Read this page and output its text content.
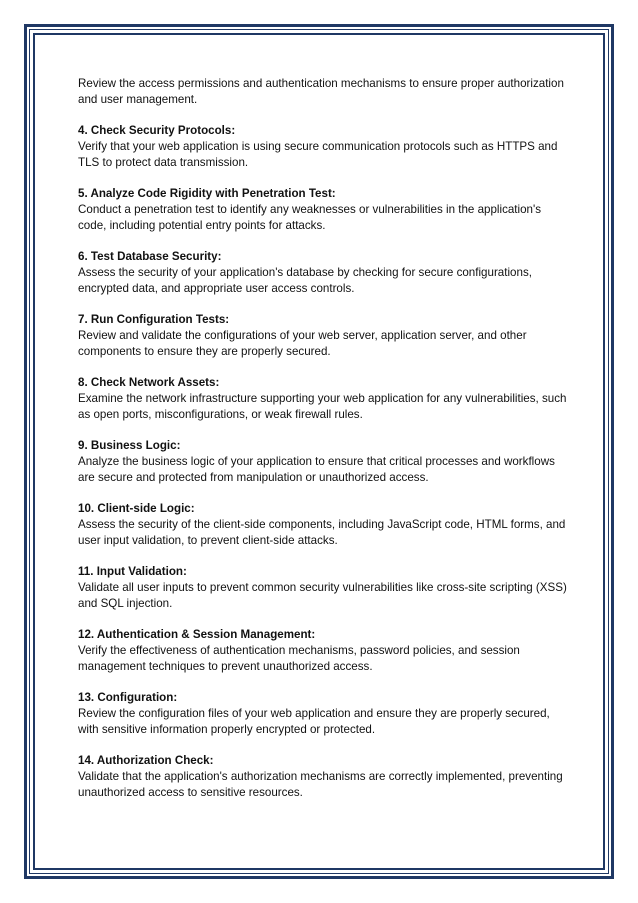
Review the access permissions and authentication mechanisms to ensure proper authorization and user management.

4. Check Security Protocols:

Verify that your web application is using secure communication protocols such as HTTPS and TLS to protect data transmission.

5. Analyze Code Rigidity with Penetration Test:

Conduct a penetration test to identify any weaknesses or vulnerabilities in the application's code, including potential entry points for attacks.

6. Test Database Security:

Assess the security of your application's database by checking for secure configurations, encrypted data, and appropriate user access controls.

7. Run Configuration Tests:

Review and validate the configurations of your web server, application server, and other components to ensure they are properly secured.

8. Check Network Assets:

Examine the network infrastructure supporting your web application for any vulnerabilities, such as open ports, misconfigurations, or weak firewall rules.

9. Business Logic:

Analyze the business logic of your application to ensure that critical processes and workflows are secure and protected from manipulation or unauthorized access.

10. Client-side Logic:

Assess the security of the client-side components, including JavaScript code, HTML forms, and user input validation, to prevent client-side attacks.

11. Input Validation:

Validate all user inputs to prevent common security vulnerabilities like cross-site scripting (XSS) and SQL injection.

12. Authentication & Session Management:

Verify the effectiveness of authentication mechanisms, password policies, and session management techniques to prevent unauthorized access.

13. Configuration:

Review the configuration files of your web application and ensure they are properly secured, with sensitive information properly encrypted or protected.

14. Authorization Check:

Validate that the application's authorization mechanisms are correctly implemented, preventing unauthorized access to sensitive resources.
